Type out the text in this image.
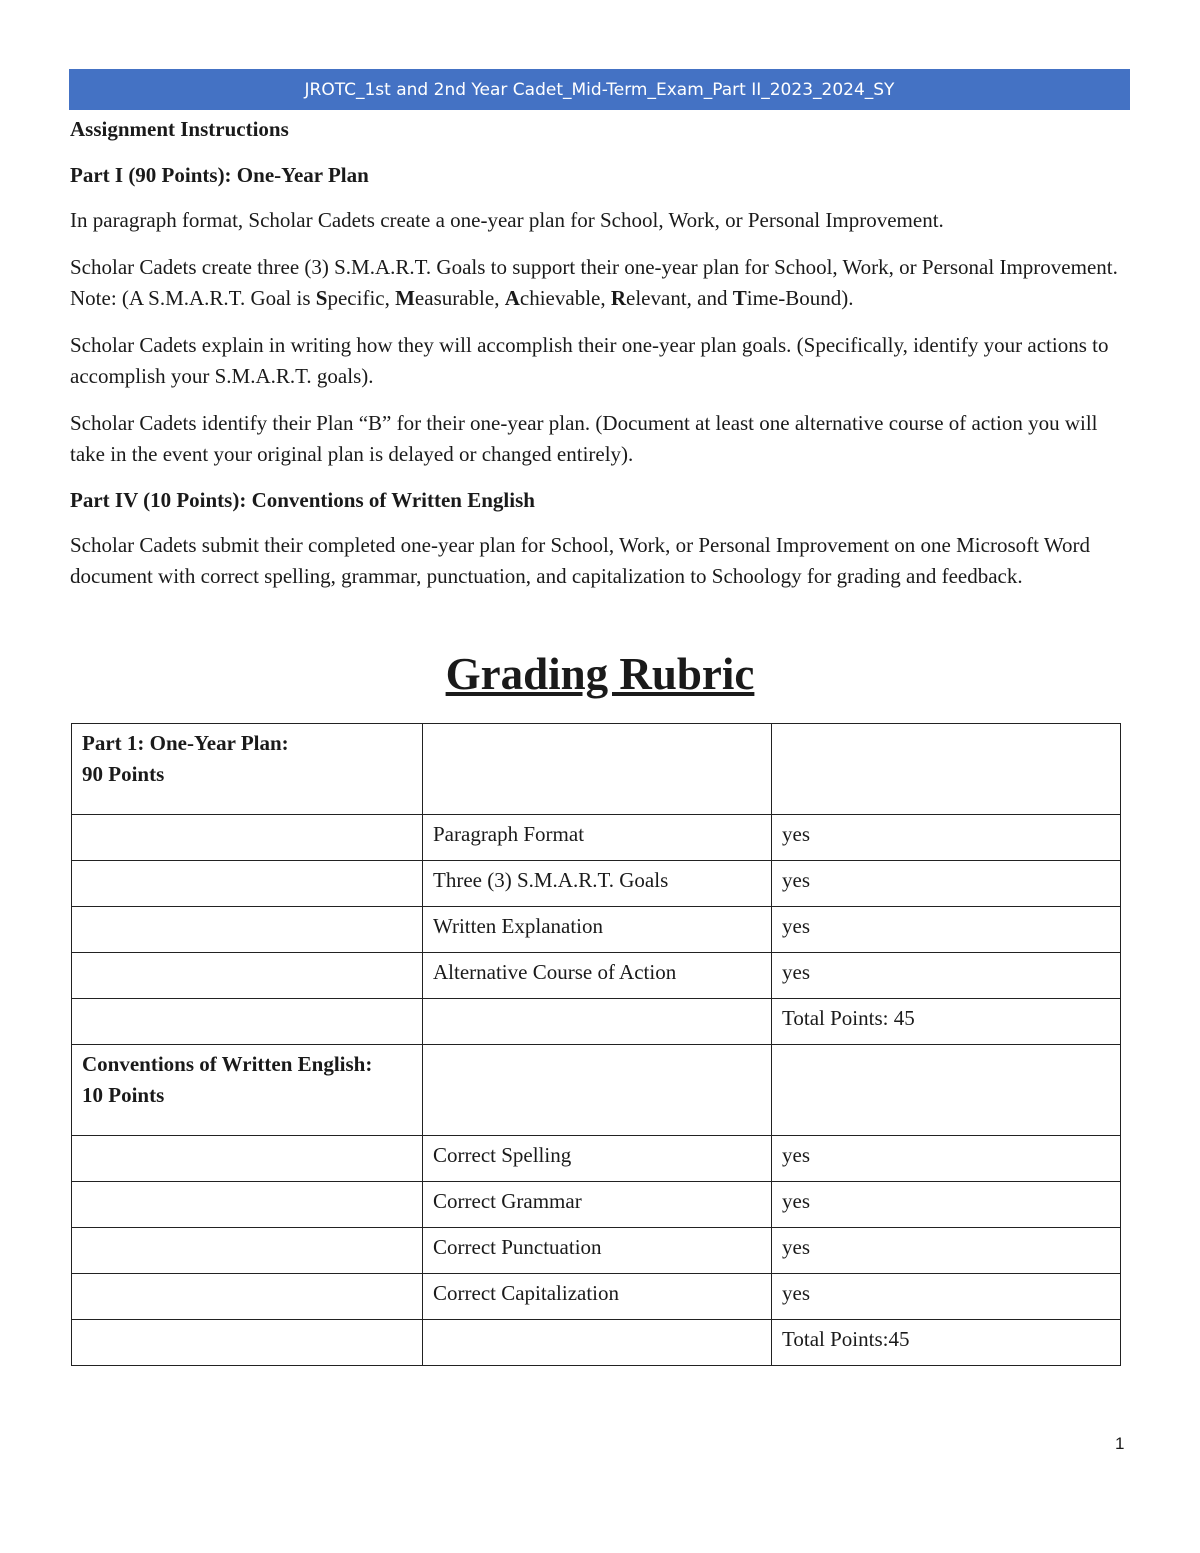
JROTC_1st and 2nd Year Cadet_Mid-Term_Exam_Part II_2023_2024_SY

Assignment Instructions

Part I (90 Points): One-Year Plan

In paragraph format, Scholar Cadets create a one-year plan for School, Work, or Personal Improvement.

Scholar Cadets create three (3) S.M.A.R.T. Goals to support their one-year plan for School, Work, or Personal Improvement. Note: (A S.M.A.R.T. Goal is Specific, Measurable, Achievable, Relevant, and Time-Bound).

Scholar Cadets explain in writing how they will accomplish their one-year plan goals. (Specifically, identify your actions to accomplish your S.M.A.R.T. goals).

Scholar Cadets identify their Plan “B” for their one-year plan. (Document at least one alternative course of action you will take in the event your original plan is delayed or changed entirely).

Part IV (10 Points): Conventions of Written English

Scholar Cadets submit their completed one-year plan for School, Work, or Personal Improvement on one Microsoft Word document with correct spelling, grammar, punctuation, and capitalization to Schoology for grading and feedback.

Grading Rubric
Part 1: One-Year Plan:
90 Points		
	Paragraph Format	yes
	Three (3) S.M.A.R.T. Goals	yes
	Written Explanation	yes
	Alternative Course of Action	yes
		Total Points: 45
Conventions of Written English:
10 Points		
	Correct Spelling	yes
	Correct Grammar	yes
	Correct Punctuation	yes
	Correct Capitalization	yes
		Total Points:45
1
